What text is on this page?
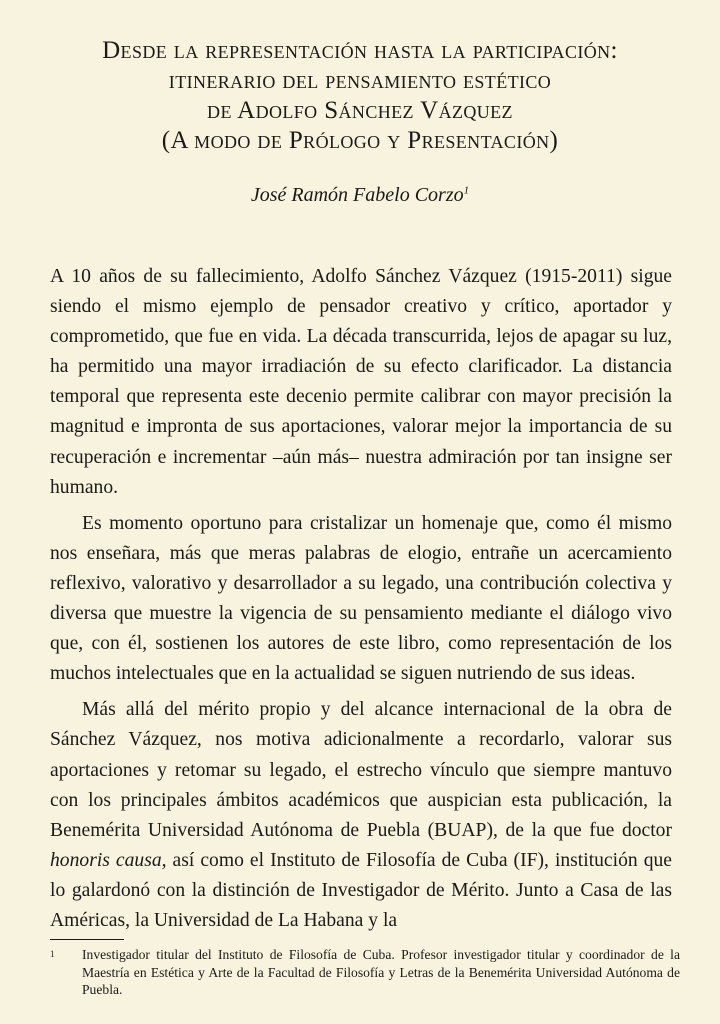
Desde la representación hasta la participación:

itinerario del pensamiento estético

de Adolfo Sánchez Vázquez

(A modo de Prólogo y Presentación)

José Ramón Fabelo Corzo$^1$

A 10 años de su fallecimiento, Adolfo Sánchez Vázquez (1915-2011) sigue siendo el mismo ejemplo de pensador creativo y crítico, aportador y comprometido, que fue en vida. La década transcurrida, lejos de apagar su luz, ha permitido una mayor irradiación de su efecto clarificador. La distancia temporal que representa este decenio permite calibrar con mayor precisión la magnitud e impronta de sus aportaciones, valorar mejor la importancia de su recuperación e incrementar –aún más– nuestra admiración por tan insigne ser humano.

Es momento oportuno para cristalizar un homenaje que, como él mismo nos enseñara, más que meras palabras de elogio, entrañe un acercamiento reflexivo, valorativo y desarrollador a su legado, una contribución colectiva y diversa que muestre la vigencia de su pensamiento mediante el diálogo vivo que, con él, sostienen los autores de este libro, como representación de los muchos intelectuales que en la actualidad se siguen nutriendo de sus ideas.

Más allá del mérito propio y del alcance internacional de la obra de Sánchez Vázquez, nos motiva adicionalmente a recordarlo, valorar sus aportaciones y retomar su legado, el estrecho vínculo que siempre mantuvo con los principales ámbitos académicos que auspician esta publicación, la Benemérita Universidad Autónoma de Puebla (BUAP), de la que fue doctor honoris causa, así como el Instituto de Filosofía de Cuba (IF), institución que lo galardonó con la distinción de Investigador de Mérito. Junto a Casa de las Américas, la Universidad de La Habana y la

1 Investigador titular del Instituto de Filosofía de Cuba. Profesor investigador titular y coordinador de la Maestría en Estética y Arte de la Facultad de Filosofía y Letras de la Benemérita Universidad Autónoma de Puebla.
